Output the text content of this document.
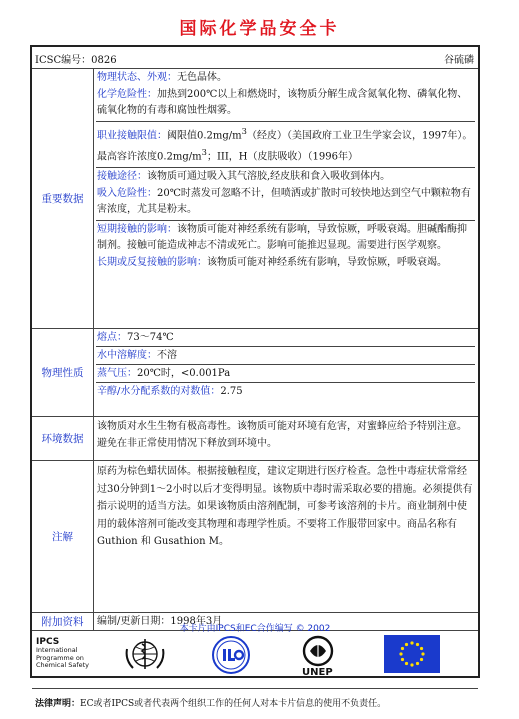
国际化学品安全卡
ICSC编号：0826	谷硫磷
重要数据
物理状态、外观：无色晶体。
化学危险性：加热到200℃以上和燃烧时，该物质分解生成含氮氧化物、磷氧化物、硫氧化物的有毒和腐蚀性烟雾。
职业接触限值：阈限值$0.2mg/m^3$（经皮）（美国政府工业卫生学家会议，1997年）。最高容许浓度$0.2mg/m^3$；III，H（皮肤吸收）（1996年）
接触途径：该物质可通过吸入其气溶胶,经皮肤和食入吸收到体内。
吸入危险性：20℃时蒸发可忽略不计，但喷洒或扩散时可较快地达到空气中颗粒物有害浓度，尤其是粉末。
短期接触的影响：该物质可能对神经系统有影响，导致惊厥，呼吸衰竭。胆碱酯酶抑制剂。接触可能造成神志不清或死亡。影响可能推迟显现。需要进行医学观察。
长期或反复接触的影响：该物质可能对神经系统有影响，导致惊厥，呼吸衰竭。
物理性质
熔点：73～74℃
水中溶解度：不溶
蒸气压：20℃时，<0.001Pa
辛醇/水分配系数的对数值：2.75
环境数据
该物质对水生生物有极高毒性。该物质可能对环境有危害，对蜜蜂应给予特别注意。避免在非正常使用情况下释放到环境中。
注解
原药为棕色蜡状固体。根据接触程度，建议定期进行医疗检查。急性中毒症状常常经过30分钟到1～2小时以后才变得明显。该物质中毒时需采取必要的措施。必须提供有指示说明的适当方法。如果该物质由溶剂配制，可参考该溶剂的卡片。商业制剂中使用的载体溶剂可能改变其物理和毒理学性质。不要将工作服带回家中。商品名称有 Guthion 和 Gusathion M。
附加资料	编制/更新日期：1998年3月
IPCS
International
Programme on
Chemical Safety
UNEP
本卡片由IPCS和EC合作编写 © 2002
法律声明：EC或者IPCS或者代表两个组织工作的任何人对本卡片信息的使用不负责任。
